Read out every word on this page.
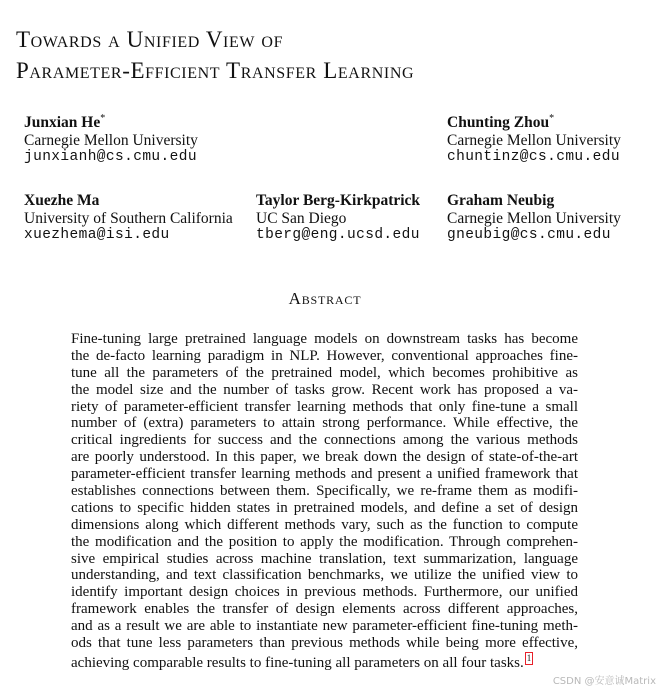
Towards a Unified View of
Parameter-Efficient Transfer Learning
Junxian He*
Carnegie Mellon University
junxianh@cs.cmu.edu
Chunting Zhou*
Carnegie Mellon University
chuntinz@cs.cmu.edu
Xuezhe Ma
University of Southern California
xuezhema@isi.edu
Taylor Berg-Kirkpatrick
UC San Diego
tberg@eng.ucsd.edu
Graham Neubig
Carnegie Mellon University
gneubig@cs.cmu.edu
Abstract
Fine-tuning large pretrained language models on downstream tasks has become
the de-facto learning paradigm in NLP. However, conventional approaches fine-
tune all the parameters of the pretrained model, which becomes prohibitive as
the model size and the number of tasks grow. Recent work has proposed a va-
riety of parameter-efficient transfer learning methods that only fine-tune a small
number of (extra) parameters to attain strong performance. While effective, the
critical ingredients for success and the connections among the various methods
are poorly understood. In this paper, we break down the design of state-of-the-art
parameter-efficient transfer learning methods and present a unified framework that
establishes connections between them. Specifically, we re-frame them as modifi-
cations to specific hidden states in pretrained models, and define a set of design
dimensions along which different methods vary, such as the function to compute
the modification and the position to apply the modification. Through comprehen-
sive empirical studies across machine translation, text summarization, language
understanding, and text classification benchmarks, we utilize the unified view to
identify important design choices in previous methods. Furthermore, our unified
framework enables the transfer of design elements across different approaches,
and as a result we are able to instantiate new parameter-efficient fine-tuning meth-
ods that tune less parameters than previous methods while being more effective,
achieving comparable results to fine-tuning all parameters on all four tasks. 1
CSDN @安意诚Matrix
